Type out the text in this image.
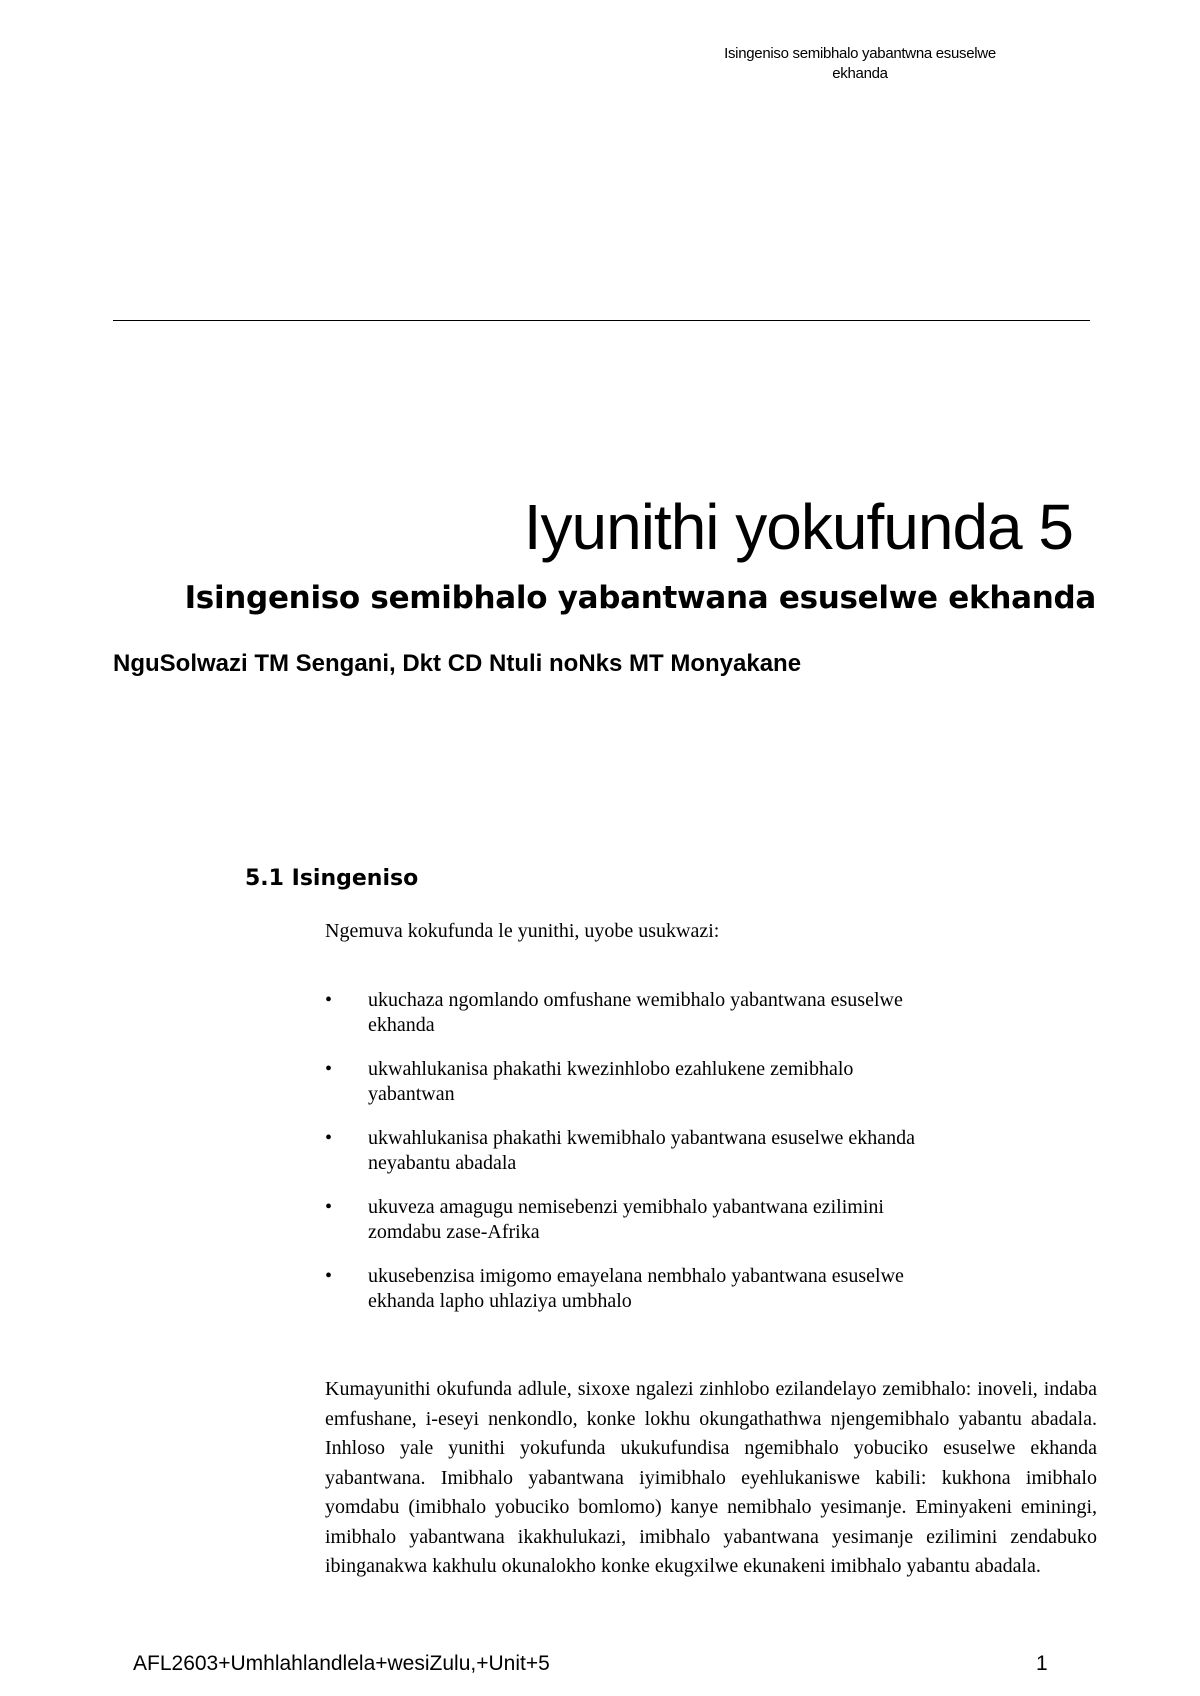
Isingeniso semibhalo yabantwna esuselwe
ekhanda
Iyunithi yokufunda 5
Isingeniso semibhalo yabantwana esuselwe ekhanda

NguSolwazi TM Sengani, Dkt CD Ntuli noNks MT Monyakane

5.1 Isingeniso

Ngemuva kokufunda le yunithi, uyobe usukwazi:

• ukuchaza ngomlando omfushane wemibhalo yabantwana esuselwe
ekhanda
• ukwahlukanisa phakathi kwezinhlobo ezahlukene zemibhalo
yabantwan
• ukwahlukanisa phakathi kwemibhalo yabantwana esuselwe ekhanda
neyabantu abadala
• ukuveza amagugu nemisebenzi yemibhalo yabantwana ezilimini
zomdabu zase-Afrika
• ukusebenzisa imigomo emayelana nembhalo yabantwana esuselwe
ekhanda lapho uhlaziya umbhalo

Kumayunithi okufunda adlule, sixoxe ngalezi zinhlobo ezilandelayo zemibhalo: inoveli, indaba emfushane, i-eseyi nenkondlo, konke lokhu okungathathwa njengemibhalo yabantu abadala. Inhloso yale yunithi yokufunda ukukufundisa ngemibhalo yobuciko esuselwe ekhanda yabantwana. Imibhalo yabantwana iyimibhalo eyehlukaniswe kabili: kukhona imibhalo yomdabu (imibhalo yobuciko bomlomo) kanye nemibhalo yesimanje. Eminyakeni eminingi, imibhalo yabantwana ikakhulukazi, imibhalo yabantwana yesimanje ezilimini zendabuko ibinganakwa kakhulu okunalokho konke ekugxilwe ekunakeni imibhalo yabantu abadala.

AFL2603+Umhlahlandlela+wesiZulu,+Unit+5	1
